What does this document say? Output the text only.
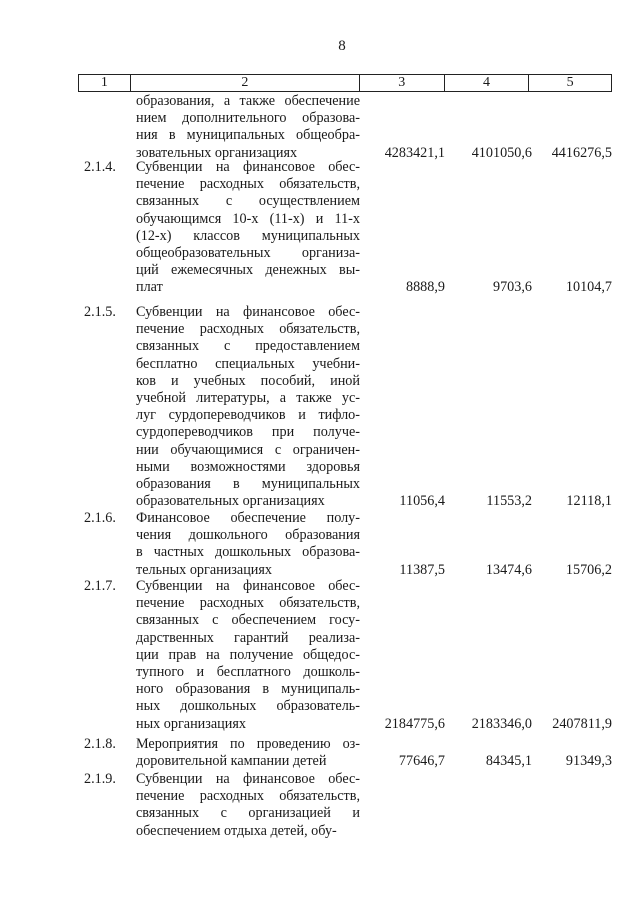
8
1	2	3	4	5
образования, а также обеспечение
нием дополнительного образова-
ния в муниципальных общеобра-
зовательных организациях	4283421,1	4101050,6	4416276,5
2.1.4.	Субвенции на финансовое обес-
печение расходных обязательств,
связанных с осуществлением
обучающимся 10-х (11-х) и 11-х
(12-х) классов муниципальных
общеобразовательных организа-
ций ежемесячных денежных вы-
плат	8888,9	9703,6	10104,7
2.1.5.	Субвенции на финансовое обес-
печение расходных обязательств,
связанных с предоставлением
бесплатно специальных учебни-
ков и учебных пособий, иной
учебной литературы, а также ус-
луг сурдопереводчиков и тифло-
сурдопереводчиков при получе-
нии обучающимися с ограничен-
ными возможностями здоровья
образования в муниципальных
образовательных организациях	11056,4	11553,2	12118,1
2.1.6.	Финансовое обеспечение полу-
чения дошкольного образования
в частных дошкольных образова-
тельных организациях	11387,5	13474,6	15706,2
2.1.7.	Субвенции на финансовое обес-
печение расходных обязательств,
связанных с обеспечением госу-
дарственных гарантий реализа-
ции прав на получение общедос-
тупного и бесплатного дошколь-
ного образования в муниципаль-
ных дошкольных образователь-
ных организациях	2184775,6	2183346,0	2407811,9
2.1.8.	Мероприятия по проведению оз-
доровительной кампании детей	77646,7	84345,1	91349,3
2.1.9.	Субвенции на финансовое обес-
печение расходных обязательств,
связанных с организацией и
обеспечением отдыха детей, обу-
